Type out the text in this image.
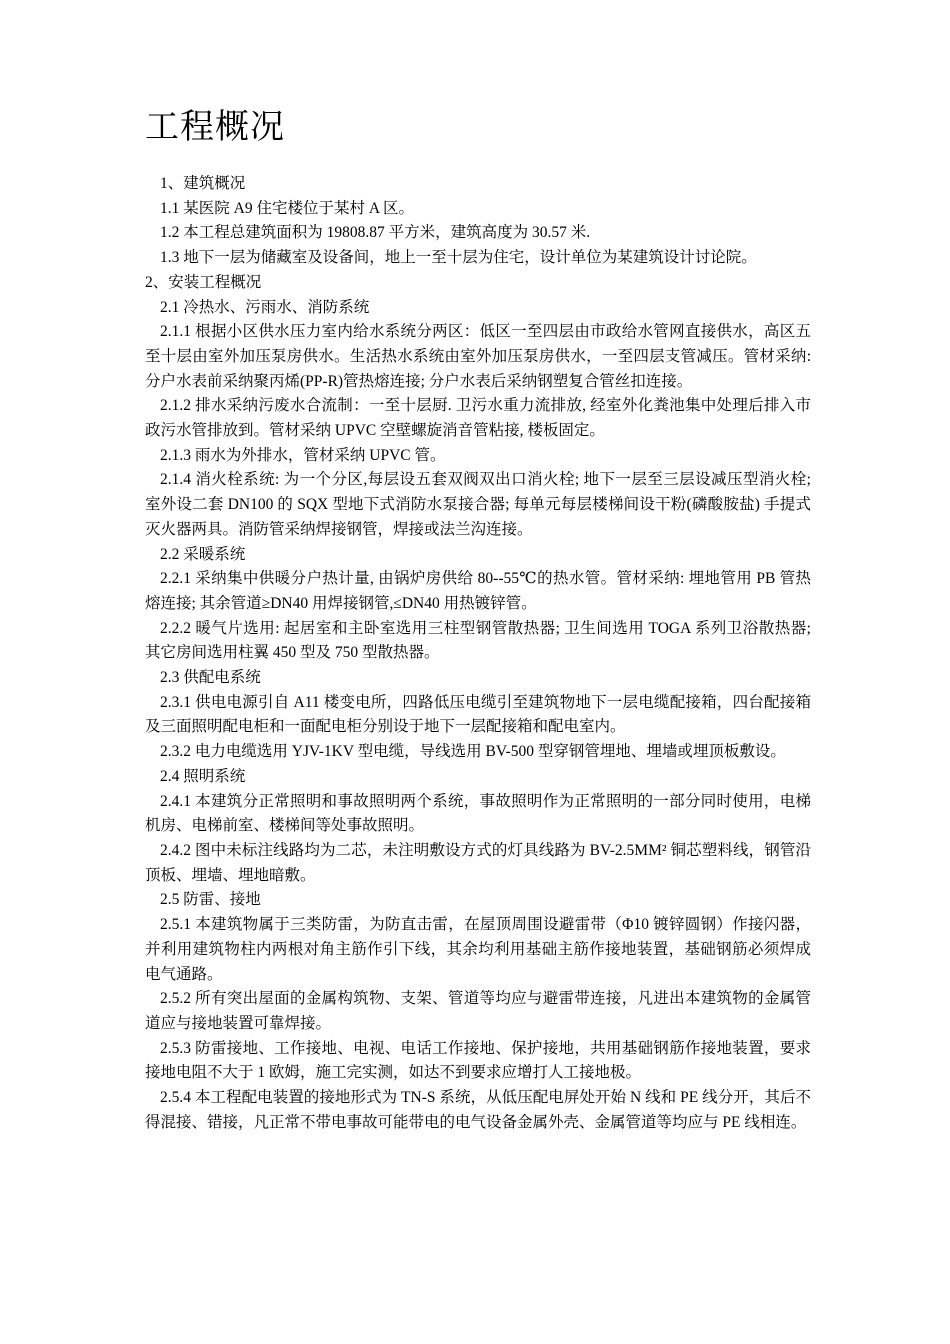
工程概况

1、建筑概况

1.1 某医院 A9 住宅楼位于某村 A 区。

1.2 本工程总建筑面积为 19808.87 平方米，建筑高度为 30.57 米.

1.3 地下一层为储藏室及设备间，地上一至十层为住宅，设计单位为某建筑设计讨论院。

2、安装工程概况

2.1 冷热水、污雨水、消防系统

2.1.1 根据小区供水压力室内给水系统分两区：低区一至四层由市政给水管网直接供水，高区五至十层由室外加压泵房供水。生活热水系统由室外加压泵房供水，一至四层支管减压。管材采纳: 分户水表前采纳聚丙烯(PP-R)管热熔连接; 分户水表后采纳钢塑复合管丝扣连接。

2.1.2 排水采纳污废水合流制：一至十层厨. 卫污水重力流排放, 经室外化粪池集中处理后排入市政污水管排放到。管材采纳 UPVC 空壁螺旋消音管粘接, 楼板固定。

2.1.3 雨水为外排水，管材采纳 UPVC 管。

2.1.4 消火栓系统: 为一个分区,每层设五套双阀双出口消火栓; 地下一层至三层设减压型消火栓; 室外设二套 DN100 的 SQX 型地下式消防水泵接合器; 每单元每层楼梯间设干粉(磷酸胺盐) 手提式灭火器两具。消防管采纳焊接钢管，焊接或法兰沟连接。

2.2 采暖系统

2.2.1 采纳集中供暖分户热计量, 由锅炉房供给 80--55℃的热水管。管材采纳: 埋地管用 PB 管热熔连接; 其余管道≥DN40 用焊接钢管,≤DN40 用热镀锌管。

2.2.2 暖气片选用: 起居室和主卧室选用三柱型钢管散热器; 卫生间选用 TOGA 系列卫浴散热器; 其它房间选用柱翼 450 型及 750 型散热器。

2.3 供配电系统

2.3.1 供电电源引自 A11 楼变电所，四路低压电缆引至建筑物地下一层电缆配接箱，四台配接箱及三面照明配电柜和一面配电柜分别设于地下一层配接箱和配电室内。

2.3.2 电力电缆选用 YJV-1KV 型电缆，导线选用 BV-500 型穿钢管埋地、埋墙或埋顶板敷设。

2.4 照明系统

2.4.1 本建筑分正常照明和事故照明两个系统，事故照明作为正常照明的一部分同时使用，电梯机房、电梯前室、楼梯间等处事故照明。

2.4.2 图中未标注线路均为二芯，未注明敷设方式的灯具线路为 BV-2.5MM² 铜芯塑料线，钢管沿顶板、埋墙、埋地暗敷。

2.5 防雷、接地

2.5.1 本建筑物属于三类防雷，为防直击雷，在屋顶周围设避雷带（Φ10 镀锌圆钢）作接闪器，并利用建筑物柱内两根对角主筋作引下线，其余均利用基础主筋作接地装置，基础钢筋必须焊成电气通路。

2.5.2 所有突出屋面的金属构筑物、支架、管道等均应与避雷带连接，凡进出本建筑物的金属管道应与接地装置可靠焊接。

2.5.3 防雷接地、工作接地、电视、电话工作接地、保护接地，共用基础钢筋作接地装置，要求接地电阻不大于 1 欧姆，施工完实测，如达不到要求应增打人工接地极。

2.5.4 本工程配电装置的接地形式为 TN-S 系统，从低压配电屏处开始 N 线和 PE 线分开，其后不得混接、错接，凡正常不带电事故可能带电的电气设备金属外壳、金属管道等均应与 PE 线相连。
